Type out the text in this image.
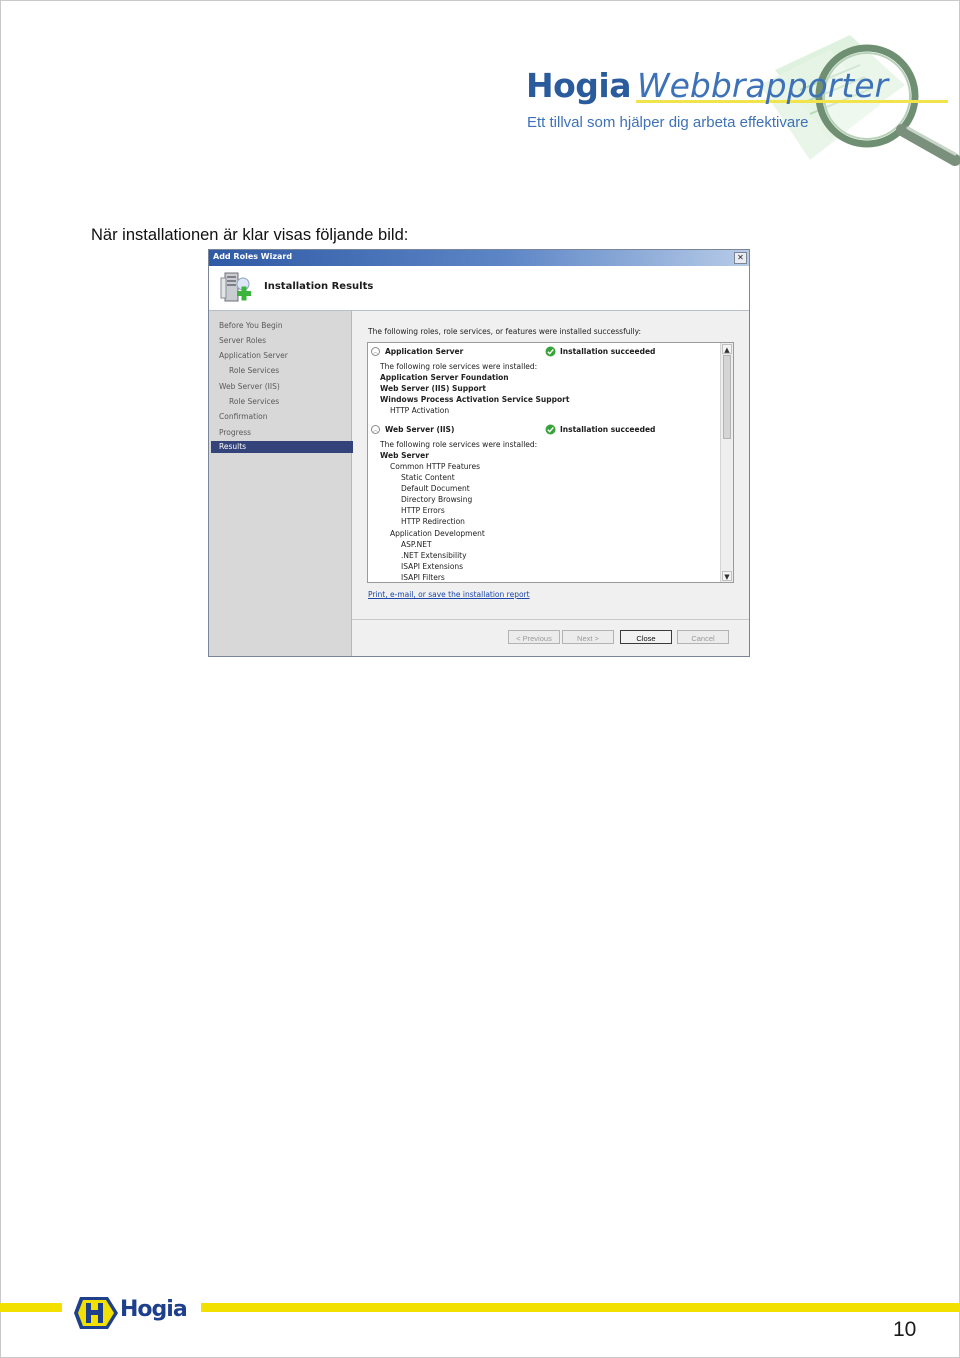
Hogia Webbrapporter
Ett tillval som hjälper dig arbeta effektivare
När installationen är klar visas följande bild:
Add Roles Wizard	✕
Installation Results
Before You Begin
Server Roles
Application Server
Role Services
Web Server (IIS)
Role Services
Confirmation
Progress
Results
The following roles, role services, or features were installed successfully:
︿ Application Server	Installation succeeded
The following role services were installed:
Application Server Foundation
Web Server (IIS) Support
Windows Process Activation Service Support
HTTP Activation
︿ Web Server (IIS)	Installation succeeded
The following role services were installed:
Web Server
Common HTTP Features
Static Content
Default Document
Directory Browsing
HTTP Errors
HTTP Redirection
Application Development
ASP.NET
.NET Extensibility
ISAPI Extensions
ISAPI Filters
▲
▼
Print, e-mail, or save the installation report
< Previous	Next >	Close	Cancel
Hogia
10
